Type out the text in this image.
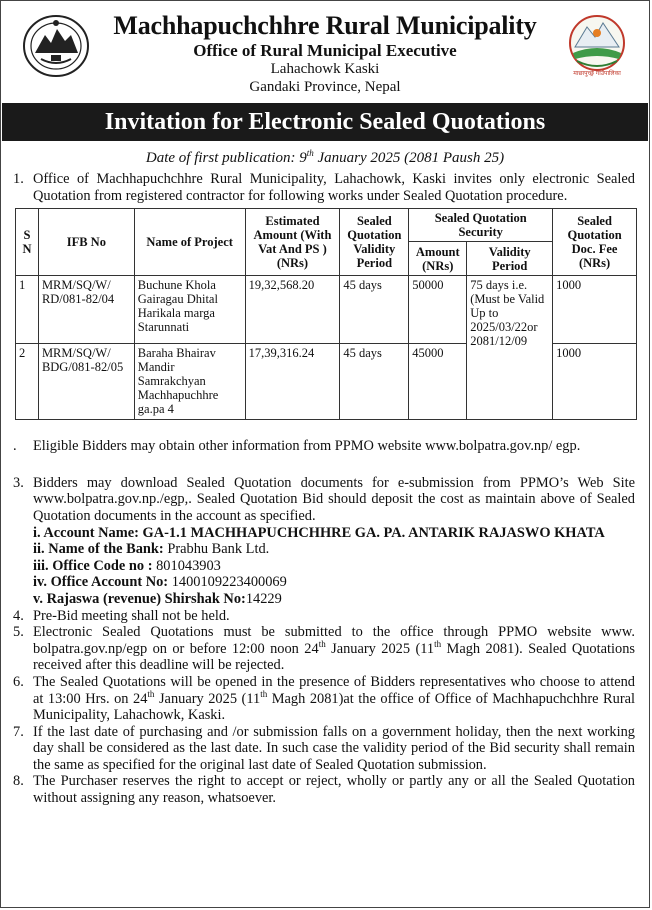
Machhapuchchhre Rural Municipality
Office of Rural Municipal Executive
Lahachowk Kaski
Gandaki Province, Nepal
माछापुच्छ्रे गाउँपालिका
Invitation for Electronic Sealed Quotations
Date of first publication: 9th January 2025 (2081 Paush 25)
1. Office of Machhapuchchhre Rural Municipality, Lahachowk, Kaski invites only electronic Sealed Quotation from registered contractor for following works under Sealed Quotation procedure.
S N	IFB No	Name of Project	Estimated Amount (With Vat And PS ) (NRs)	Sealed Quotation Validity Period	Sealed Quotation Security		Sealed Quotation Doc. Fee (NRs)
					Amount (NRs)	Validity Period	
1	MRM/SQ/W/ RD/081-82/04	Buchune Khola Gairagau Dhital Harikala marga Starunnati	19,32,568.20	45 days	50000	75 days i.e. (Must be Valid Up to 2025/03/22or 2081/12/09	1000
2	MRM/SQ/W/ BDG/081-82/05	Baraha Bhairav Mandir Samrakchyan Machhapuchhre ga.pa 4	17,39,316.24	45 days	45000		1000
. Eligible Bidders may obtain other information from PPMO website www.bolpatra.gov.np/ egp.
3. Bidders may download Sealed Quotation documents for e-submission from PPMO’s Web Site www.bolpatra.gov.np./egp,. Sealed Quotation Bid should deposit the cost as maintain above of Sealed Quotation documents in the account as specified.
i. Account Name: GA-1.1 MACHHAPUCHCHHRE GA. PA. ANTARIK RAJASWO KHATA
ii. Name of the Bank: Prabhu Bank Ltd.
iii. Office Code no : 801043903
iv. Office Account No: 1400109223400069
v. Rajaswa (revenue) Shirshak No:14229
4. Pre-Bid meeting shall not be held.
5. Electronic Sealed Quotations must be submitted to the office through PPMO website www. bolpatra.gov.np/egp on or before 12:00 noon 24th January 2025 (11th Magh 2081). Sealed Quotations received after this deadline will be rejected.
6. The Sealed Quotations will be opened in the presence of Bidders representatives who choose to attend at 13:00 Hrs. on 24th January 2025 (11th Magh 2081)at the office of Office of Machhapuchchhre Rural Municipality, Lahachowk, Kaski.
7. If the last date of purchasing and /or submission falls on a government holiday, then the next working day shall be considered as the last date. In such case the validity period of the Bid security shall remain the same as specified for the original last date of Sealed Quotation submission.
8. The Purchaser reserves the right to accept or reject, wholly or partly any or all the Sealed Quotation without assigning any reason, whatsoever.
